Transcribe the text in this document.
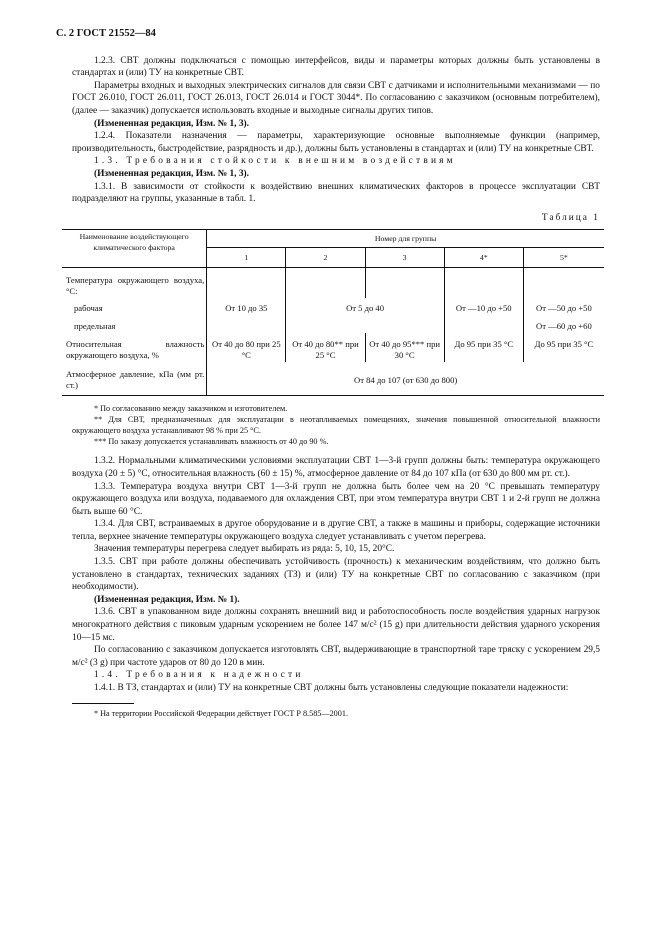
С. 2 ГОСТ 21552—84

1.2.3. СВТ должны подключаться с помощью интерфейсов, виды и параметры которых должны быть установлены в стандартах и (или) ТУ на конкретные СВТ.

Параметры входных и выходных электрических сигналов для связи СВТ с датчиками и исполнительными механизмами — по ГОСТ 26.010, ГОСТ 26.011, ГОСТ 26.013, ГОСТ 26.014 и ГОСТ 3044*. По согласованию с заказчиком (основным потребителем), (далее — заказчик) допускается использовать входные и выходные сигналы других типов.

(Измененная редакция, Изм. № 1, 3).

1.2.4. Показатели назначения — параметры, характеризующие основные выполняемые функции (например, производительность, быстродействие, разрядность и др.), должны быть установлены в стандартах и (или) ТУ на конкретные СВТ.

1.3. Требования стойкости к внешним воздействиям

(Измененная редакция, Изм. № 1, 3).

1.3.1. В зависимости от стойкости к воздействию внешних климатических факторов в процессе эксплуатации СВТ подразделяют на группы, указанные в табл. 1.

Таблица 1
Наименование воздействующего климатического фактора	Номер для группы				
	1	2	3	4*	5*
Температура окружающего воздуха, °С:					
рабочая	От 10 до 35	От 5 до 40		От —10 до +50	От —50 до +50
предельная					От —60 до +60
Относительная влажность окружающего воздуха, %	От 40 до 80 при 25 °С	От 40 до 80** при 25 °С	От 40 до 95*** при 30 °С	До 95 при 35 °С	До 95 при 35 °С
Атмосферное давление, кПа (мм рт. ст.)	От 84 до 107 (от 630 до 800)				

* По согласованию между заказчиком и изготовителем.

** Для СВТ, предназначенных для эксплуатации в неотапливаемых помещениях, значения повышенной относительной влажности окружающего воздуха устанавливают 98 % при 25 °С.

*** По заказу допускается устанавливать влажность от 40 до 90 %.

1.3.2. Нормальными климатическими условиями эксплуатации СВТ 1—3-й групп должны быть: температура окружающего воздуха (20 ± 5) °С, относительная влажность (60 ± 15) %, атмосферное давление от 84 до 107 кПа (от 630 до 800 мм рт. ст.).

1.3.3. Температура воздуха внутри СВТ 1—3-й групп не должна быть более чем на 20 °С превышать температуру окружающего воздуха или воздуха, подаваемого для охлаждения СВТ, при этом температура внутри СВТ 1 и 2-й групп не должна быть выше 60 °С.

1.3.4. Для СВТ, встраиваемых в другое оборудование и в другие СВТ, а также в машины и приборы, содержащие источники тепла, верхнее значение температуры окружающего воздуха следует устанавливать с учетом перегрева.

Значения температуры перегрева следует выбирать из ряда: 5, 10, 15, 20°С.

1.3.5. СВТ при работе должны обеспечивать устойчивость (прочность) к механическим воздействиям, что должно быть установлено в стандартах, технических заданиях (ТЗ) и (или) ТУ на конкретные СВТ по согласованию с заказчиком (при необходимости).

(Измененная редакция, Изм. № 1).

1.3.6. СВТ в упакованном виде должны сохранять внешний вид и работоспособность после воздействия ударных нагрузок многократного действия с пиковым ударным ускорением не более 147 м/с² (15 g) при длительности действия ударного ускорения 10—15 мс.

По согласованию с заказчиком допускается изготовлять СВТ, выдерживающие в транспортной таре тряску с ускорением 29,5 м/с² (3 g) при частоте ударов от 80 до 120 в мин.

1.4. Требования к надежности

1.4.1. В ТЗ, стандартах и (или) ТУ на конкретные СВТ должны быть установлены следующие показатели надежности:

* На территории Российской Федерации действует ГОСТ Р 8.585—2001.
